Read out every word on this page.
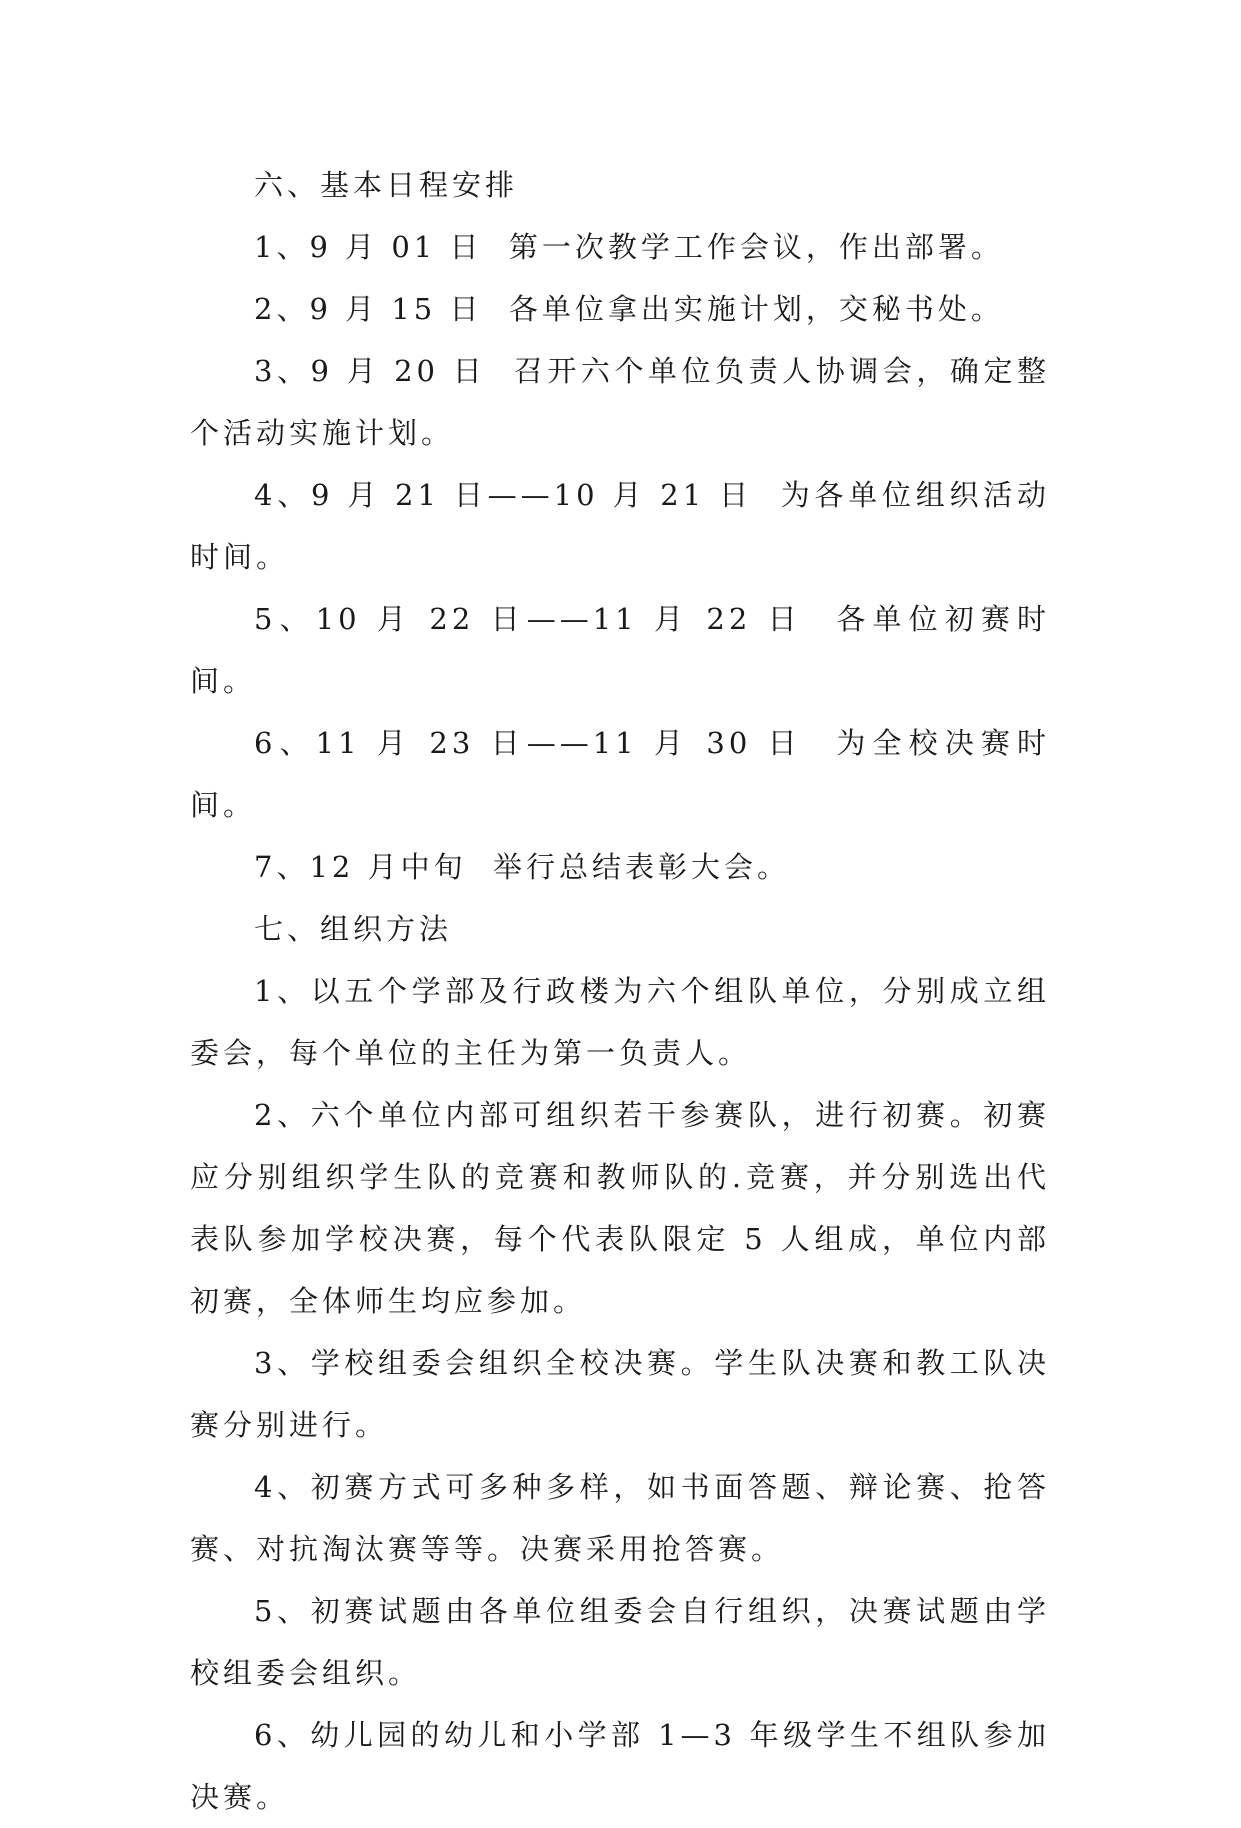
六、基本日程安排

1、9 月 01 日  第一次教学工作会议，作出部署。

2、9 月 15 日  各单位拿出实施计划，交秘书处。

3、9 月 20 日  召开六个单位负责人协调会，确定整个活动实施计划。

4、9 月 21 日——10 月 21 日  为各单位组织活动时间。

5、10 月 22 日——11 月 22 日  各单位初赛时间。

6、11 月 23 日——11 月 30 日  为全校决赛时间。

7、12 月中旬  举行总结表彰大会。

七、组织方法

1、以五个学部及行政楼为六个组队单位，分别成立组委会，每个单位的主任为第一负责人。

2、六个单位内部可组织若干参赛队，进行初赛。初赛应分别组织学生队的竞赛和教师队的.竞赛，并分别选出代表队参加学校决赛，每个代表队限定 5 人组成，单位内部初赛，全体师生均应参加。

3、学校组委会组织全校决赛。学生队决赛和教工队决赛分别进行。

4、初赛方式可多种多样，如书面答题、辩论赛、抢答赛、对抗淘汰赛等等。决赛采用抢答赛。

5、初赛试题由各单位组委会自行组织，决赛试题由学校组委会组织。

6、幼儿园的幼儿和小学部 1—3 年级学生不组队参加决赛。
